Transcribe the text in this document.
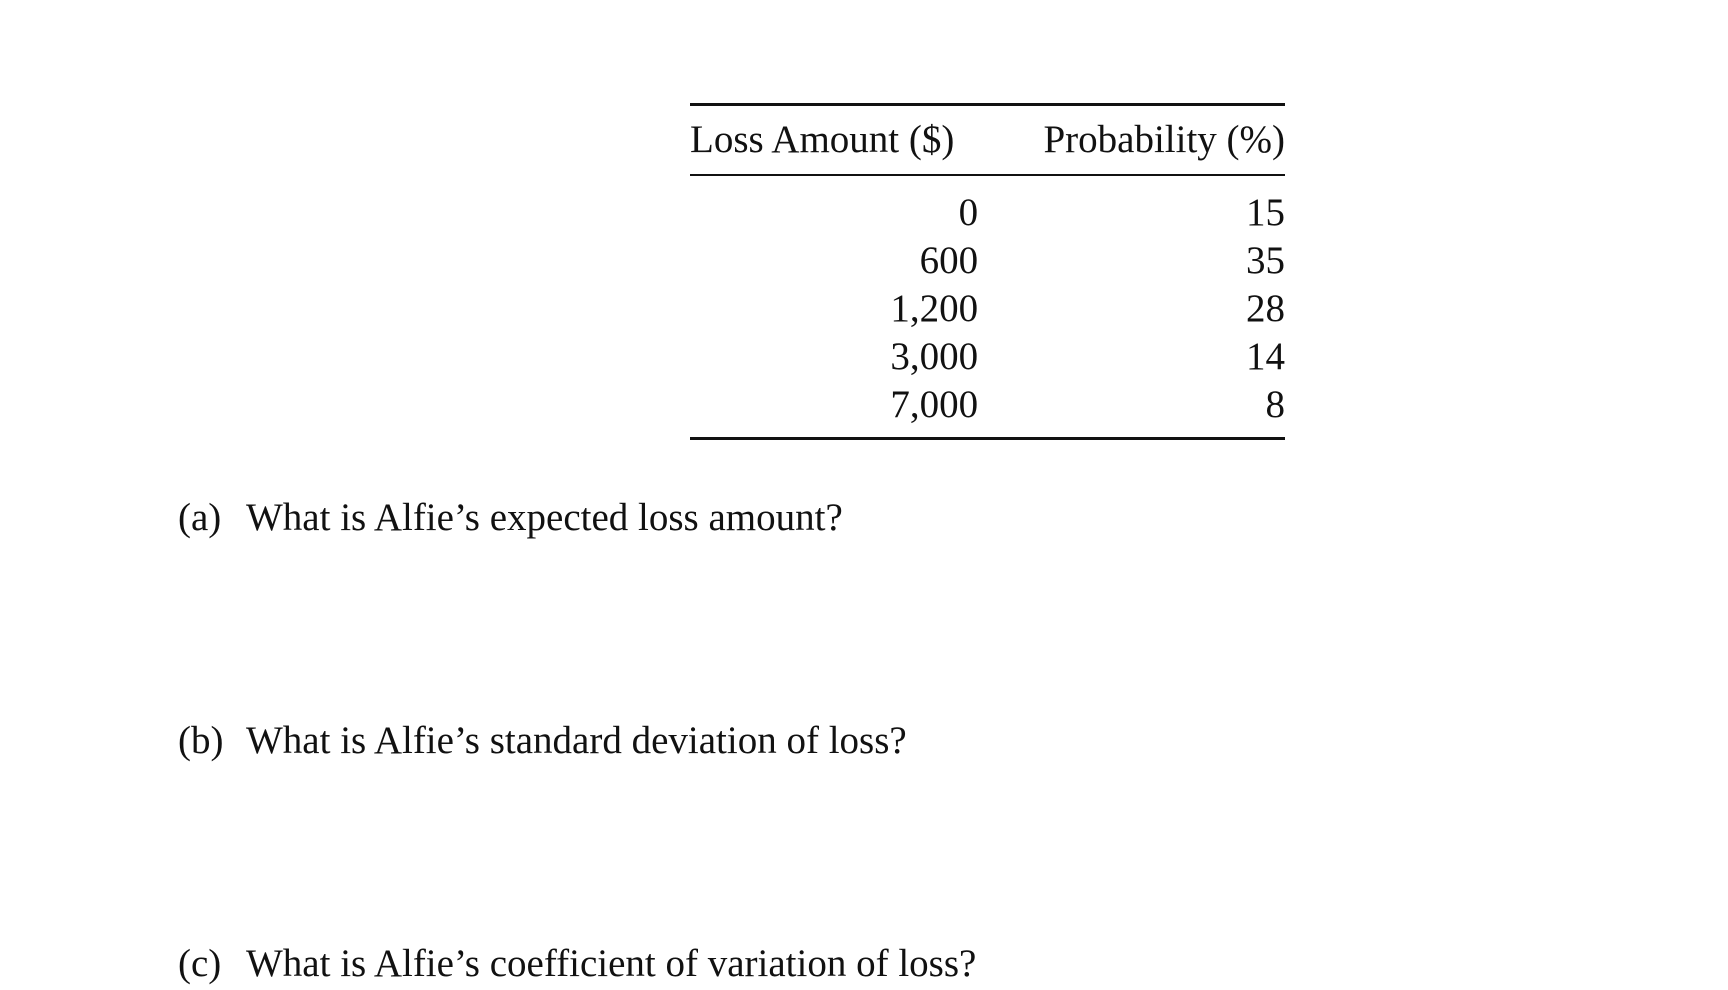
Loss Amount ($)	Probability (%)
0	15
600	35
1,200	28
3,000	14
7,000	8
(a) What is Alfie’s expected loss amount?
(b) What is Alfie’s standard deviation of loss?
(c) What is Alfie’s coefficient of variation of loss?
